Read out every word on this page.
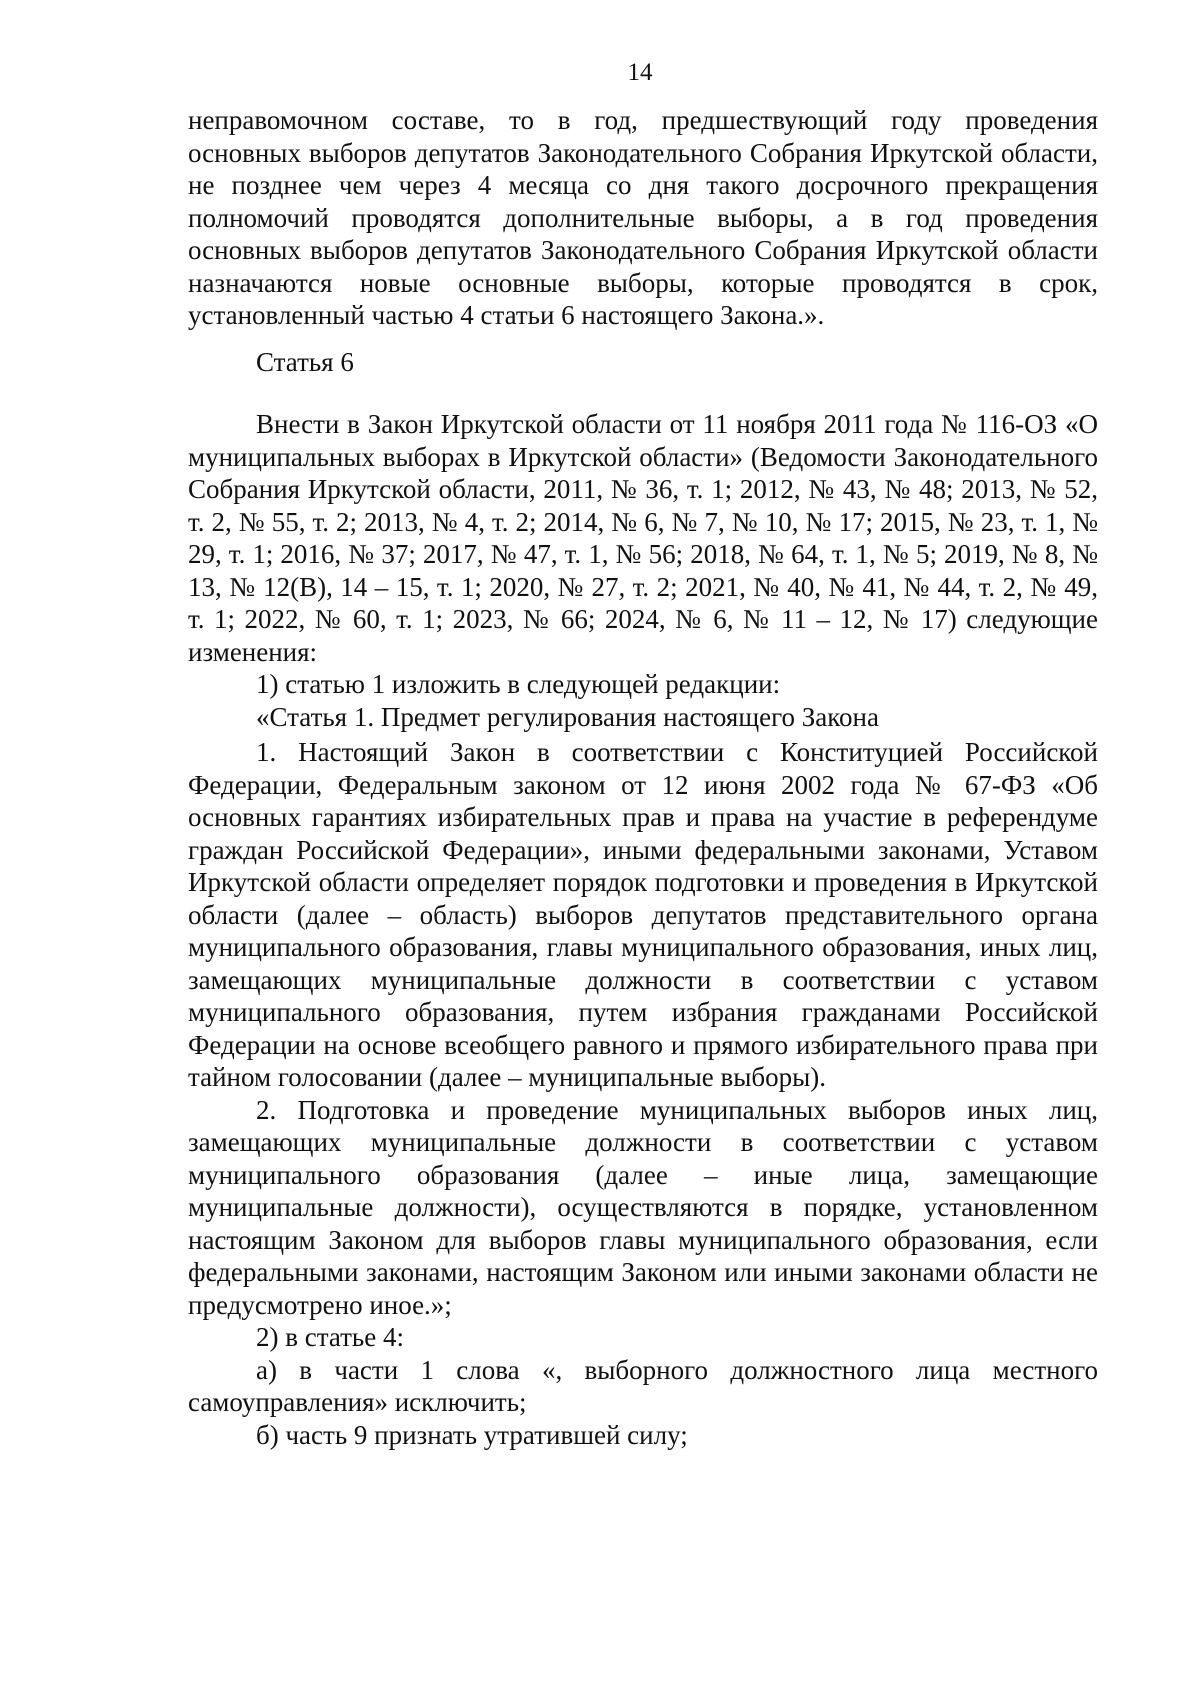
14

неправомочном составе, то в год, предшествующий году проведения основных выборов депутатов Законодательного Собрания Иркутской области, не позднее чем через 4 месяца со дня такого досрочного прекращения полномочий проводятся дополнительные выборы, а в год проведения основных выборов депутатов Законодательного Собрания Иркутской области назначаются новые основные выборы, которые проводятся в срок, установленный частью 4 статьи 6 настоящего Закона.».

Статья 6

Внести в Закон Иркутской области от 11 ноября 2011 года № 116-ОЗ «О муниципальных выборах в Иркутской области» (Ведомости Законодательного Собрания Иркутской области, 2011, № 36, т. 1; 2012, № 43, № 48; 2013, № 52, т. 2, № 55, т. 2; 2013, № 4, т. 2; 2014, № 6, № 7, № 10, № 17; 2015, № 23, т. 1, № 29, т. 1; 2016, № 37; 2017, № 47, т. 1, № 56; 2018, № 64, т. 1, № 5; 2019, № 8, № 13, № 12(В), 14 – 15, т. 1; 2020, № 27, т. 2; 2021, № 40, № 41, № 44, т. 2, № 49, т. 1; 2022, № 60, т. 1; 2023, № 66; 2024, № 6, № 11 – 12, № 17) следующие изменения:

1) статью 1 изложить в следующей редакции:

«Статья 1. Предмет регулирования настоящего Закона

1. Настоящий Закон в соответствии с Конституцией Российской Федерации, Федеральным законом от 12 июня 2002 года № 67-ФЗ «Об основных гарантиях избирательных прав и права на участие в референдуме граждан Российской Федерации», иными федеральными законами, Уставом Иркутской области определяет порядок подготовки и проведения в Иркутской области (далее – область) выборов депутатов представительного органа муниципального образования, главы муниципального образования, иных лиц, замещающих муниципальные должности в соответствии с уставом муниципального образования, путем избрания гражданами Российской Федерации на основе всеобщего равного и прямого избирательного права при тайном голосовании (далее – муниципальные выборы).

2. Подготовка и проведение муниципальных выборов иных лиц, замещающих муниципальные должности в соответствии с уставом муниципального образования (далее – иные лица, замещающие муниципальные должности), осуществляются в порядке, установленном настоящим Законом для выборов главы муниципального образования, если федеральными законами, настоящим Законом или иными законами области не предусмотрено иное.»;

2) в статье 4:

а) в части 1 слова «, выборного должностного лица местного самоуправления» исключить;

б) часть 9 признать утратившей силу;
